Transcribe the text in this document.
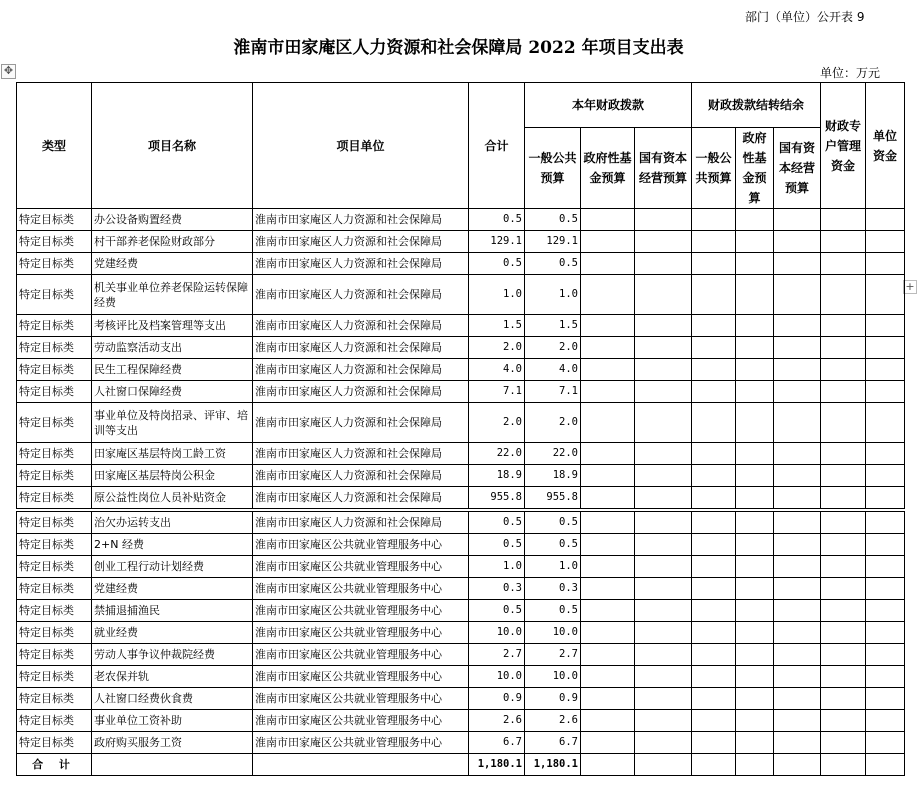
部门（单位）公开表 9
淮南市田家庵区人力资源和社会保障局 2022 年项目支出表
✥	单位：万元
+
类型	项目名称	项目单位	合计	本年财政拨款			财政拨款结转结余			财政专户管理资金	单位资金
				一般公共预算	政府性基金预算	国有资本经营预算	一般公共预算	政府性基金预算	国有资本经营预算		
特定目标类	办公设备购置经费	淮南市田家庵区人力资源和社会保障局	0.5	0.5							
特定目标类	村干部养老保险财政部分	淮南市田家庵区人力资源和社会保障局	129.1	129.1							
特定目标类	党建经费	淮南市田家庵区人力资源和社会保障局	0.5	0.5							
特定目标类	机关事业单位养老保险运转保障经费	淮南市田家庵区人力资源和社会保障局	1.0	1.0							
特定目标类	考核评比及档案管理等支出	淮南市田家庵区人力资源和社会保障局	1.5	1.5							
特定目标类	劳动监察活动支出	淮南市田家庵区人力资源和社会保障局	2.0	2.0							
特定目标类	民生工程保障经费	淮南市田家庵区人力资源和社会保障局	4.0	4.0							
特定目标类	人社窗口保障经费	淮南市田家庵区人力资源和社会保障局	7.1	7.1							
特定目标类	事业单位及特岗招录、评审、培训等支出	淮南市田家庵区人力资源和社会保障局	2.0	2.0							
特定目标类	田家庵区基层特岗工龄工资	淮南市田家庵区人力资源和社会保障局	22.0	22.0							
特定目标类	田家庵区基层特岗公积金	淮南市田家庵区人力资源和社会保障局	18.9	18.9							
特定目标类	原公益性岗位人员补贴资金	淮南市田家庵区人力资源和社会保障局	955.8	955.8							
特定目标类	治欠办运转支出	淮南市田家庵区人力资源和社会保障局	0.5	0.5							
特定目标类	2+N 经费	淮南市田家庵区公共就业管理服务中心	0.5	0.5							
特定目标类	创业工程行动计划经费	淮南市田家庵区公共就业管理服务中心	1.0	1.0							
特定目标类	党建经费	淮南市田家庵区公共就业管理服务中心	0.3	0.3							
特定目标类	禁捕退捕渔民	淮南市田家庵区公共就业管理服务中心	0.5	0.5							
特定目标类	就业经费	淮南市田家庵区公共就业管理服务中心	10.0	10.0							
特定目标类	劳动人事争议仲裁院经费	淮南市田家庵区公共就业管理服务中心	2.7	2.7							
特定目标类	老农保并轨	淮南市田家庵区公共就业管理服务中心	10.0	10.0							
特定目标类	人社窗口经费伙食费	淮南市田家庵区公共就业管理服务中心	0.9	0.9							
特定目标类	事业单位工资补助	淮南市田家庵区公共就业管理服务中心	2.6	2.6							
特定目标类	政府购买服务工资	淮南市田家庵区公共就业管理服务中心	6.7	6.7							
合 计			1,180.1	1,180.1							
